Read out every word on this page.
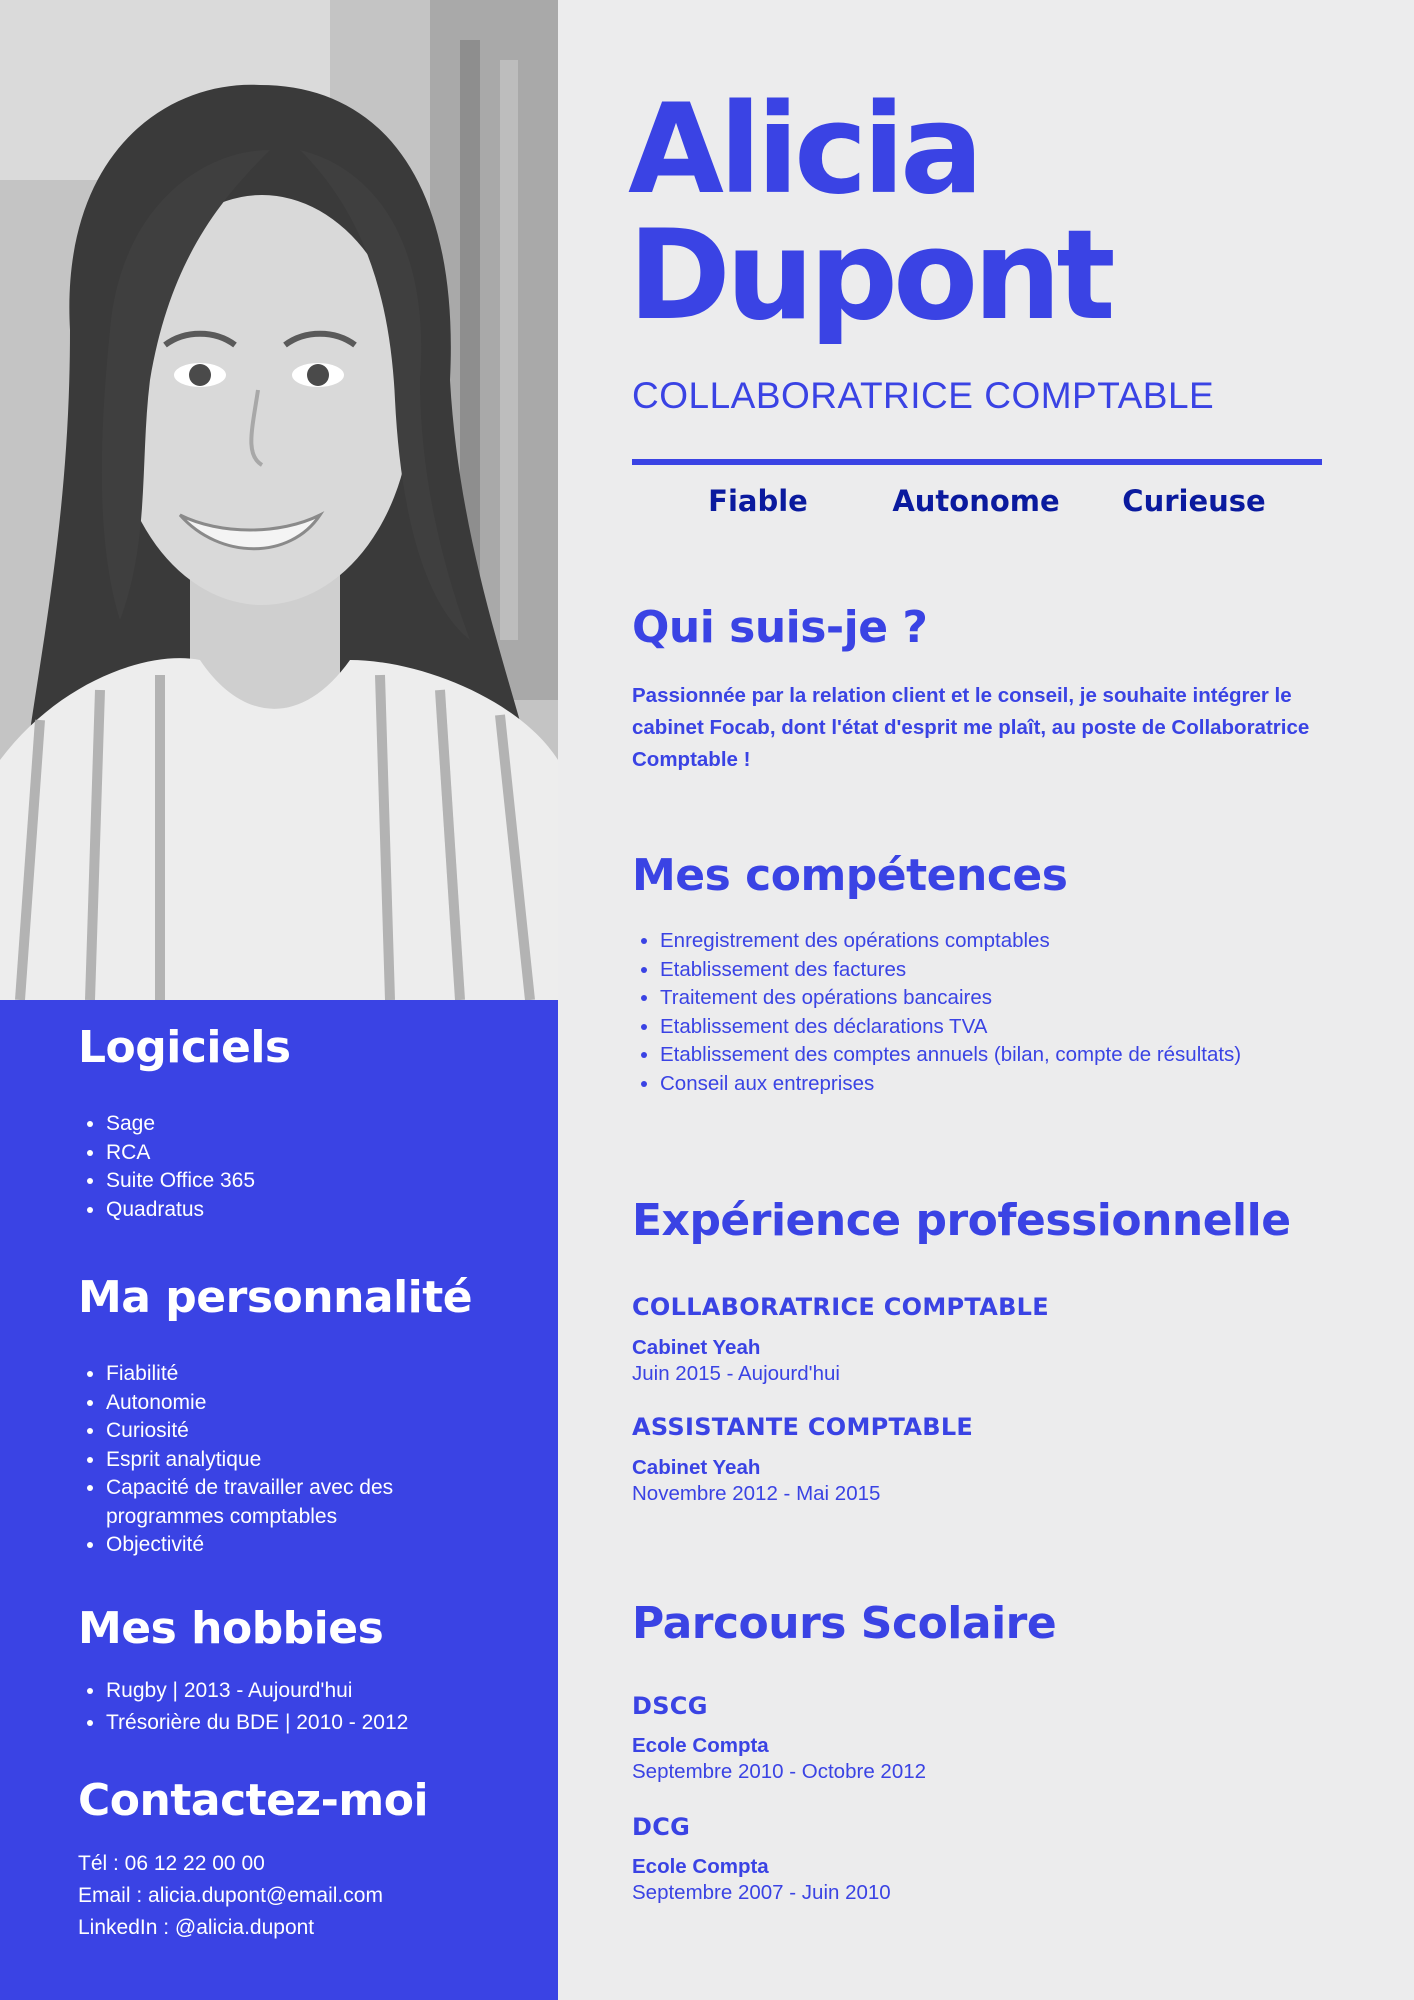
Logiciels
• Sage
• RCA
• Suite Office 365
• Quadratus
Ma personnalité
• Fiabilité
• Autonomie
• Curiosité
• Esprit analytique
• Capacité de travailler avec des programmes comptables
• Objectivité
Mes hobbies
• Rugby | 2013 - Aujourd'hui
• Trésorière du BDE | 2010 - 2012
Contactez-moi
Tél : 06 12 22 00 00
Email : alicia.dupont@email.com
LinkedIn : @alicia.dupont
Alicia
Dupont
COLLABORATRICE COMPTABLE
Fiable	Autonome	Curieuse
Qui suis-je ?
Passionnée par la relation client et le conseil, je souhaite intégrer le cabinet Focab, dont l'état d'esprit me plaît, au poste de Collaboratrice Comptable !
Mes compétences
• Enregistrement des opérations comptables
• Etablissement des factures
• Traitement des opérations bancaires
• Etablissement des déclarations TVA
• Etablissement des comptes annuels (bilan, compte de résultats)
• Conseil aux entreprises
Expérience professionnelle
COLLABORATRICE COMPTABLE
Cabinet Yeah
Juin 2015 - Aujourd'hui
ASSISTANTE COMPTABLE
Cabinet Yeah
Novembre 2012 - Mai 2015
Parcours Scolaire
DSCG
Ecole Compta
Septembre 2010 - Octobre 2012
DCG
Ecole Compta
Septembre 2007 - Juin 2010
